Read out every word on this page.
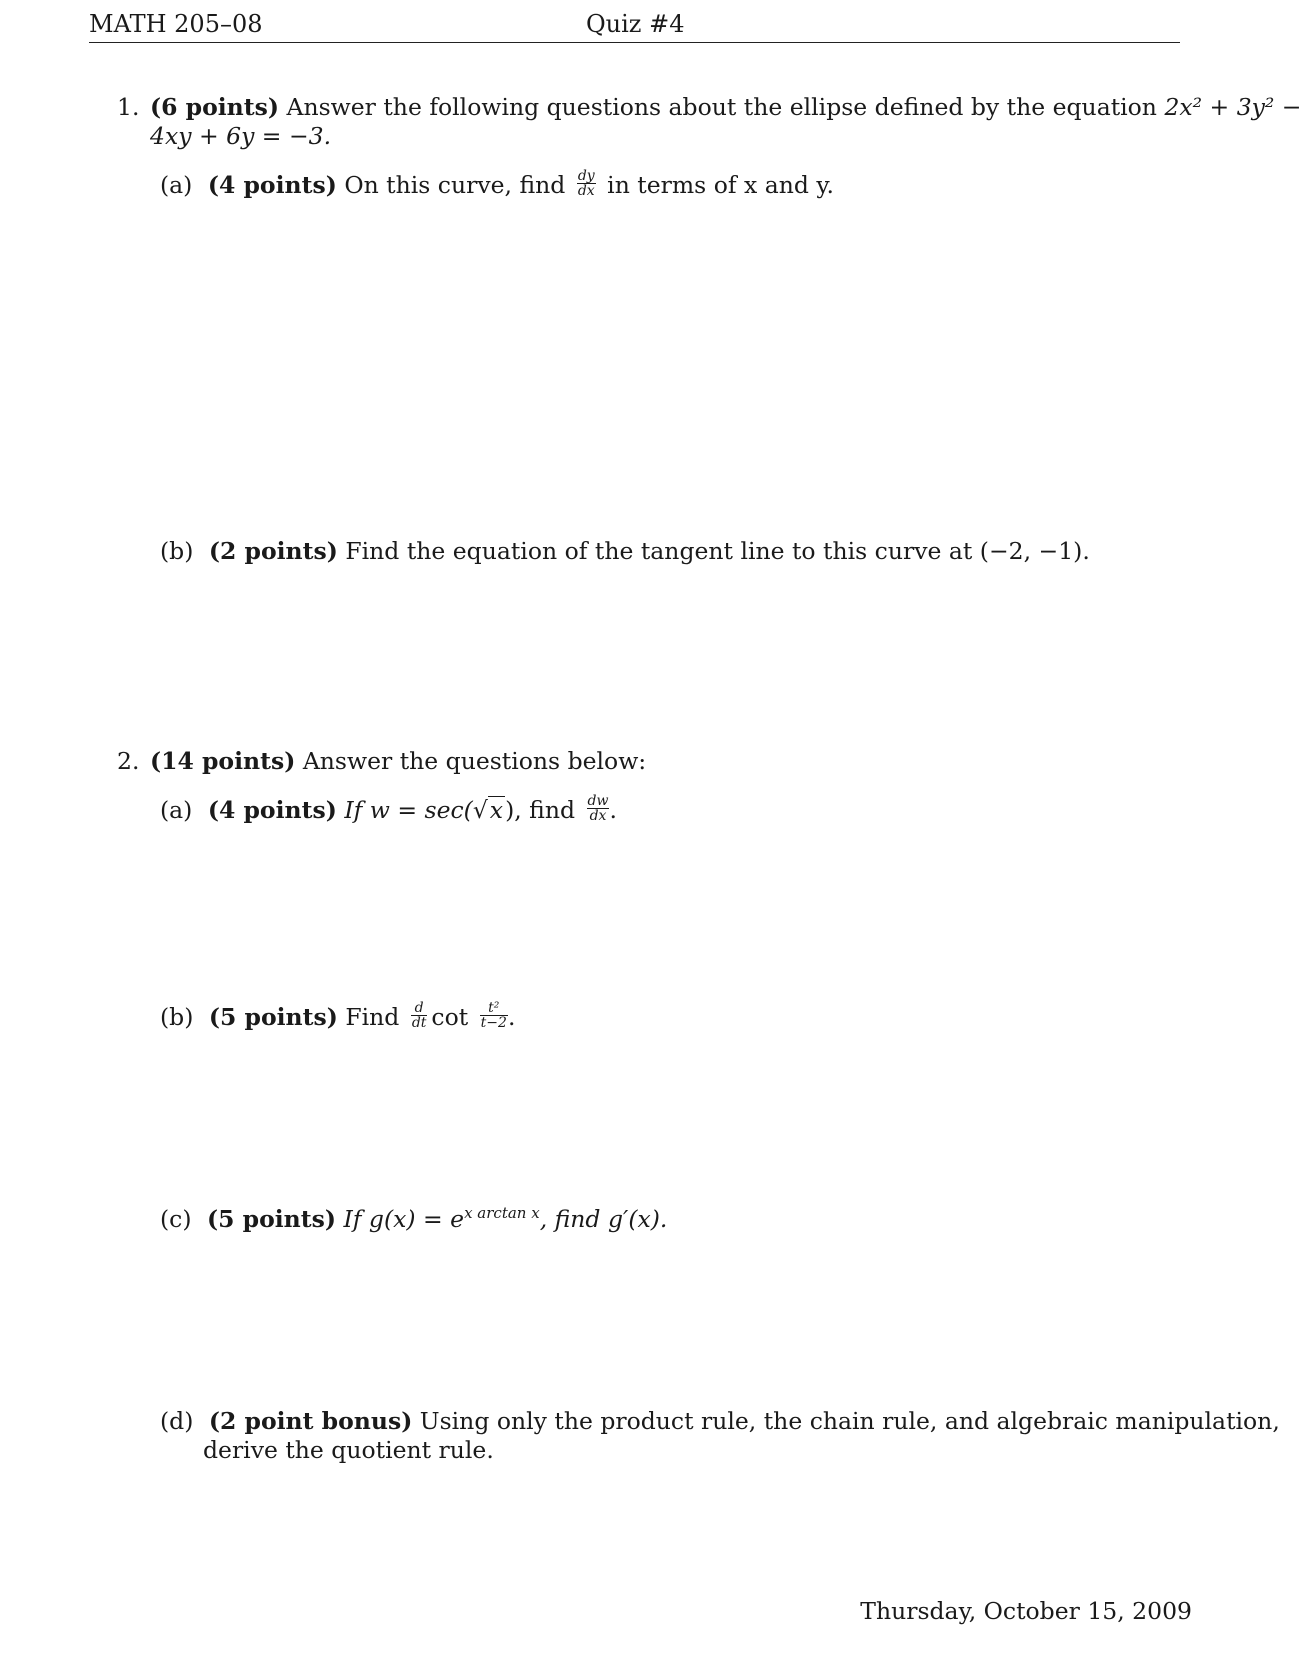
MATH 205–08	Quiz #4
1. (6 points) Answer the following questions about the ellipse defined by the equation 2x² + 3y² −
4xy + 6y = −3.
(a) (4 points) On this curve, find $\frac{dy}{dx}$ in terms of x and y.
(b) (2 points) Find the equation of the tangent line to this curve at (−2, −1).
2. (14 points) Answer the questions below:
(a) (4 points) If w = sec(√x), find $\frac{dw}{dx}$ .
(b) (5 points) Find $\frac{d}{dt}$ $\cot \frac{\text{t²}}{t-2}$ .
(c) (5 points) If $g(x) = e^{x arctan x}$, find g′(x).
(d) (2 point bonus) Using only the product rule, the chain rule, and algebraic manipulation,
derive the quotient rule.
Thursday, October 15, 2009
